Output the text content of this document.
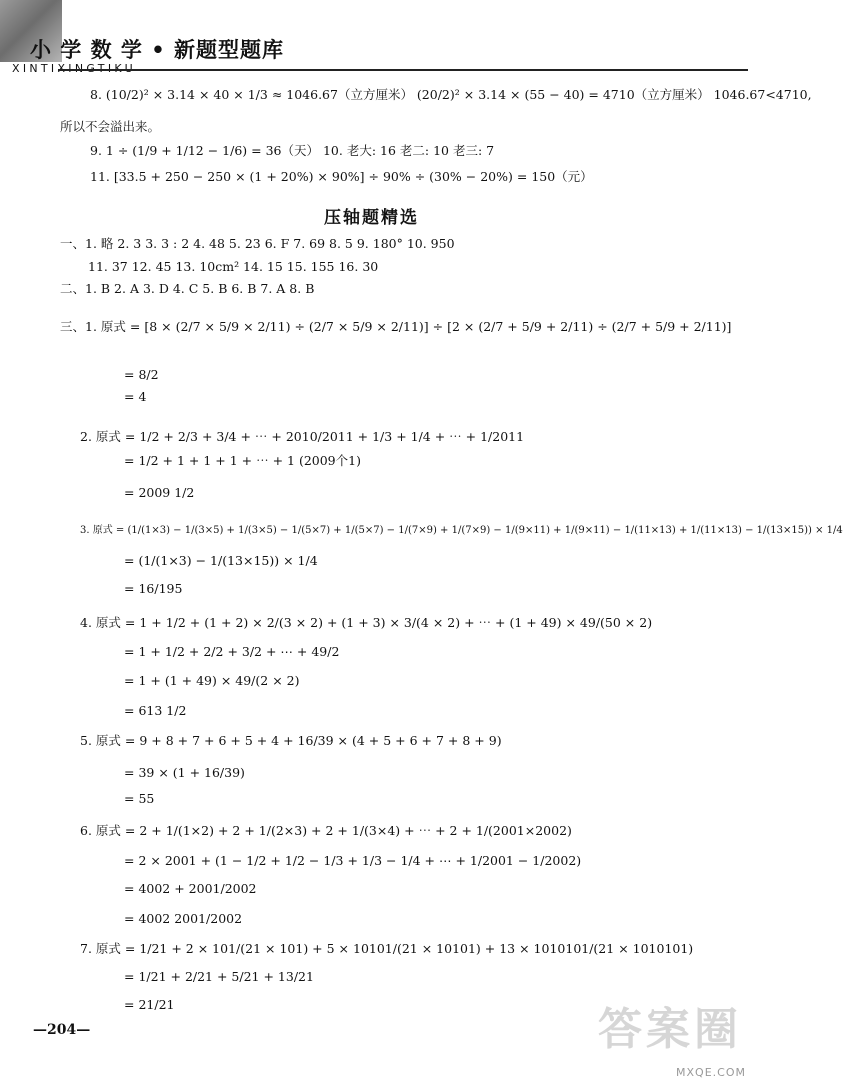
小 学 数 学 • 新题型题库
XINTIXINGTIKU
8. (10/2)² × 3.14 × 40 × 1/3 ≈ 1046.67（立方厘米） (20/2)² × 3.14 × (55 − 40) = 4710（立方厘米） 1046.67<4710,
所以不会溢出来。
9. 1 ÷ (1/9 + 1/12 − 1/6) = 36（天） 10. 老大: 16 老二: 10 老三: 7
11. [33.5 + 250 − 250 × (1 + 20%) × 90%] ÷ 90% ÷ (30% − 20%) = 150（元）
压轴题精选
一、1. 略 2. 3 3. 3 : 2 4. 48 5. 23 6. F 7. 69 8. 5 9. 180° 10. 950
11. 37 12. 45 13. 10cm² 14. 15 15. 155 16. 30
二、1. B 2. A 3. D 4. C 5. B 6. B 7. A 8. B
三、1. 原式 = [8 × (2/7 × 5/9 × 2/11) ÷ (2/7 × 5/9 × 2/11)] ÷ [2 × (2/7 + 5/9 + 2/11) ÷ (2/7 + 5/9 + 2/11)]
= 8/2
= 4
2. 原式 = 1/2 + 2/3 + 3/4 + ⋯ + 2010/2011 + 1/3 + 1/4 + ⋯ + 1/2011
= 1/2 + 1 + 1 + 1 + ⋯ + 1 (2009个1)
= 2009 1/2
3. 原式 = (1/(1×3) − 1/(3×5) + 1/(3×5) − 1/(5×7) + 1/(5×7) − 1/(7×9) + 1/(7×9) − 1/(9×11) + 1/(9×11) − 1/(11×13) + 1/(11×13) − 1/(13×15)) × 1/4
= (1/(1×3) − 1/(13×15)) × 1/4
= 16/195
4. 原式 = 1 + 1/2 + (1 + 2) × 2/(3 × 2) + (1 + 3) × 3/(4 × 2) + ⋯ + (1 + 49) × 49/(50 × 2)
= 1 + 1/2 + 2/2 + 3/2 + ⋯ + 49/2
= 1 + (1 + 49) × 49/(2 × 2)
= 613 1/2
5. 原式 = 9 + 8 + 7 + 6 + 5 + 4 + 16/39 × (4 + 5 + 6 + 7 + 8 + 9)
= 39 × (1 + 16/39)
= 55
6. 原式 = 2 + 1/(1×2) + 2 + 1/(2×3) + 2 + 1/(3×4) + ⋯ + 2 + 1/(2001×2002)
= 2 × 2001 + (1 − 1/2 + 1/2 − 1/3 + 1/3 − 1/4 + ⋯ + 1/2001 − 1/2002)
= 4002 + 2001/2002
= 4002 2001/2002
7. 原式 = 1/21 + 2 × 101/(21 × 101) + 5 × 10101/(21 × 10101) + 13 × 1010101/(21 × 1010101)
= 1/21 + 2/21 + 5/21 + 13/21
= 21/21
—204—	答案圈
MXQE.COM
